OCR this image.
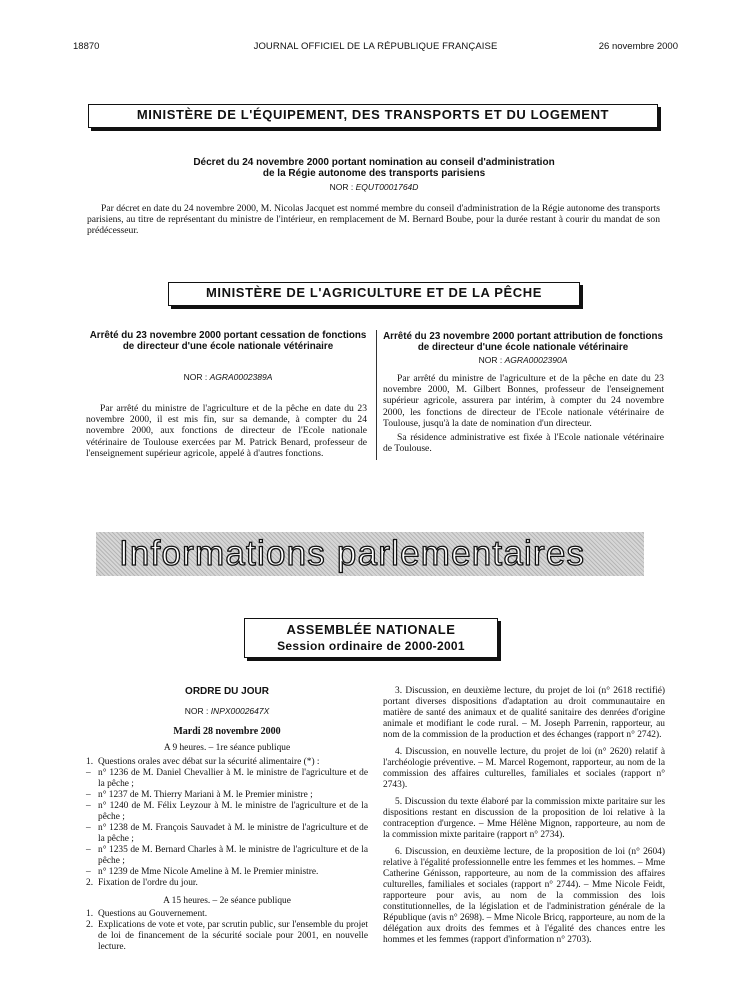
18870	JOURNAL OFFICIEL DE LA RÉPUBLIQUE FRANÇAISE	26 novembre 2000
MINISTÈRE DE L'ÉQUIPEMENT, DES TRANSPORTS ET DU LOGEMENT
Décret du 24 novembre 2000 portant nomination au conseil d'administration
de la Régie autonome des transports parisiens
NOR : EQUT0001764D

Par décret en date du 24 novembre 2000, M. Nicolas Jacquet est nommé membre du conseil d'administration de la Régie autonome des transports parisiens, au titre de représentant du ministre de l'intérieur, en remplacement de M. Bernard Boube, pour la durée restant à courir du mandat de son prédécesseur.

MINISTÈRE DE L'AGRICULTURE ET DE LA PÊCHE
Arrêté du 23 novembre 2000 portant cessation de fonctions de directeur d'une école nationale vétérinaire
NOR : AGRA0002389A

Par arrêté du ministre de l'agriculture et de la pêche en date du 23 novembre 2000, il est mis fin, sur sa demande, à compter du 24 novembre 2000, aux fonctions de directeur de l'Ecole nationale vétérinaire de Toulouse exercées par M. Patrick Benard, professeur de l'enseignement supérieur agricole, appelé à d'autres fonctions.

Arrêté du 23 novembre 2000 portant attribution de fonctions de directeur d'une école nationale vétérinaire
NOR : AGRA0002390A

Par arrêté du ministre de l'agriculture et de la pêche en date du 23 novembre 2000, M. Gilbert Bonnes, professeur de l'enseignement supérieur agricole, assurera par intérim, à compter du 24 novembre 2000, les fonctions de directeur de l'Ecole nationale vétérinaire de Toulouse, jusqu'à la date de nomination d'un directeur.

Sa résidence administrative est fixée à l'Ecole nationale vétérinaire de Toulouse.

Informations parlementaires
ASSEMBLÉE NATIONALE
Session ordinaire de 2000-2001
ORDRE DU JOUR
NOR : INPX0002647X
Mardi 28 novembre 2000
A 9 heures. – 1re séance publique
1. Questions orales avec débat sur la sécurité alimentaire (*) :
– n° 1236 de M. Daniel Chevallier à M. le ministre de l'agriculture et de la pêche ;
– n° 1237 de M. Thierry Mariani à M. le Premier ministre ;
– n° 1240 de M. Félix Leyzour à M. le ministre de l'agriculture et de la pêche ;
– n° 1238 de M. François Sauvadet à M. le ministre de l'agriculture et de la pêche ;
– n° 1235 de M. Bernard Charles à M. le ministre de l'agriculture et de la pêche ;
– n° 1239 de Mme Nicole Ameline à M. le Premier ministre.
2. Fixation de l'ordre du jour.
A 15 heures. – 2e séance publique
1. Questions au Gouvernement.
2. Explications de vote et vote, par scrutin public, sur l'ensemble du projet de loi de financement de la sécurité sociale pour 2001, en nouvelle lecture.

3. Discussion, en deuxième lecture, du projet de loi (n° 2618 rectifié) portant diverses dispositions d'adaptation au droit communautaire en matière de santé des animaux et de qualité sanitaire des denrées d'origine animale et modifiant le code rural. – M. Joseph Parrenin, rapporteur, au nom de la commission de la production et des échanges (rapport n° 2742).

4. Discussion, en nouvelle lecture, du projet de loi (n° 2620) relatif à l'archéologie préventive. – M. Marcel Rogemont, rapporteur, au nom de la commission des affaires culturelles, familiales et sociales (rapport n° 2743).

5. Discussion du texte élaboré par la commission mixte paritaire sur les dispositions restant en discussion de la proposition de loi relative à la contraception d'urgence. – Mme Hélène Mignon, rapporteure, au nom de la commission mixte paritaire (rapport n° 2734).

6. Discussion, en deuxième lecture, de la proposition de loi (n° 2604) relative à l'égalité professionnelle entre les femmes et les hommes. – Mme Catherine Génisson, rapporteure, au nom de la commission des affaires culturelles, familiales et sociales (rapport n° 2744). – Mme Nicole Feidt, rapporteure pour avis, au nom de la commission des lois constitutionnelles, de la législation et de l'administration générale de la République (avis n° 2698). – Mme Nicole Bricq, rapporteure, au nom de la délégation aux droits des femmes et à l'égalité des chances entre les hommes et les femmes (rapport d'information n° 2703).
